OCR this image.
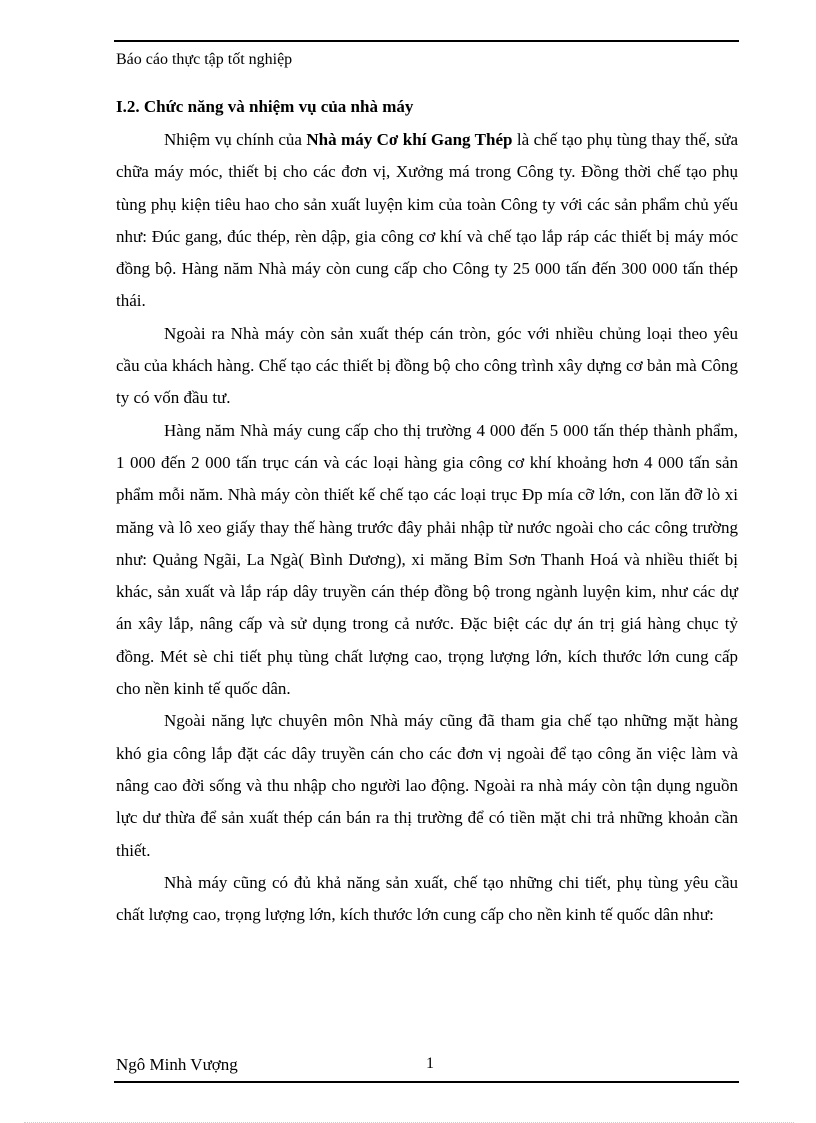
Báo cáo thực tập tốt nghiệp
I.2. Chức năng và nhiệm vụ của nhà máy

Nhiệm vụ chính của Nhà máy Cơ khí Gang Thép là chế tạo phụ tùng thay thế, sửa chữa máy móc, thiết bị cho các đơn vị, Xưởng má trong Công ty. Đồng thời chế tạo phụ tùng phụ kiện tiêu hao cho sản xuất luyện kim của toàn Công ty với các sản phẩm chủ yếu như: Đúc gang, đúc thép, rèn dập, gia công cơ khí và chế tạo lắp ráp các thiết bị máy móc đồng bộ. Hàng năm Nhà máy còn cung cấp cho Công ty 25 000 tấn đến 300 000 tấn thép thái.

Ngoài ra Nhà máy còn sản xuất thép cán tròn, góc với nhiều chủng loại theo yêu cầu của khách hàng. Chế tạo các thiết bị đồng bộ cho công trình xây dựng cơ bản mà Công ty có vốn đầu tư.

Hàng năm Nhà máy cung cấp cho thị trường 4 000 đến 5 000 tấn thép thành phẩm, 1 000 đến 2 000 tấn trục cán và các loại hàng gia công cơ khí khoảng hơn 4 000 tấn sản phẩm mỗi năm. Nhà máy còn thiết kế chế tạo các loại trục Đp mía cỡ lớn, con lăn đỡ lò xi măng và lô xeo giấy thay thế hàng trước đây phải nhập từ nước ngoài cho các công trường như: Quảng Ngãi, La Ngà( Bình Dương), xi măng Bỉm Sơn Thanh Hoá và nhiều thiết bị khác, sản xuất và lắp ráp dây truyền cán thép đồng bộ trong ngành luyện kim, như các dự án xây lắp, nâng cấp và sử dụng trong cả nước. Đặc biệt các dự án trị giá hàng chục tỷ đồng. Mét sè chi tiết phụ tùng chất lượng cao, trọng lượng lớn, kích thước lớn cung cấp cho nền kinh tế quốc dân.

Ngoài năng lực chuyên môn Nhà máy cũng đã tham gia chế tạo những mặt hàng khó gia công lắp đặt các dây truyền cán cho các đơn vị ngoài để tạo công ăn việc làm và nâng cao đời sống và thu nhập cho người lao động. Ngoài ra nhà máy còn tận dụng nguồn lực dư thừa để sản xuất thép cán bán ra thị trường để có tiền mặt chi trả những khoản cần thiết.

Nhà máy cũng có đủ khả năng sản xuất, chế tạo những chi tiết, phụ tùng yêu cầu chất lượng cao, trọng lượng lớn, kích thước lớn cung cấp cho nền kinh tế quốc dân như:

Ngô Minh Vượng	1
